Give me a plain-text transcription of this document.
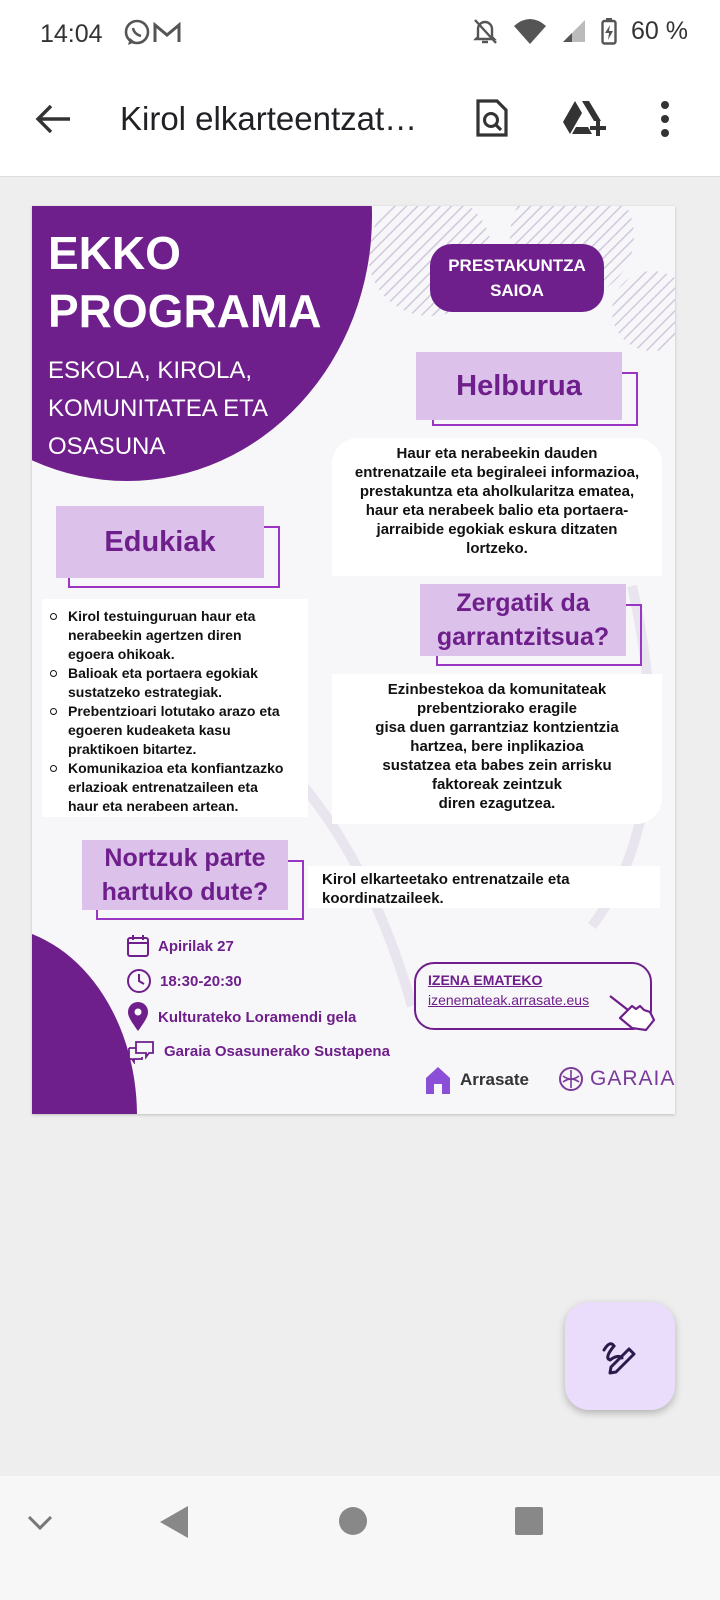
14:04	60 %
Kirol elkarteentzat…
EKKO
PROGRAMA
ESKOLA, KIROLA,
KOMUNITATEA ETA
OSASUNA
PRESTAKUNTZA
SAIOA
Helburua
Haur eta nerabeekin dauden
entrenatzaile eta begiraleei informazioa,
prestakuntza eta aholkularitza ematea,
haur eta nerabeek balio eta portaera-
jarraibide egokiak eskura ditzaten
lortzeko.
Edukiak
Kirol testuinguruan haur eta
nerabeekin agertzen diren
egoera ohikoak.
Balioak eta portaera egokiak
sustatzeko estrategiak.
Prebentzioari lotutako arazo eta
egoeren kudeaketa kasu
praktikoen bitartez.
Komunikazioa eta konfiantzazko
erlazioak entrenatzaileen eta
haur eta nerabeen artean.
Zergatik da
garrantzitsua?
Ezinbestekoa da komunitateak
prebentziorako eragile
gisa duen garrantziaz kontzientzia
hartzea, bere inplikazioa
sustatzea eta babes zein arrisku
faktoreak zeintzuk
diren ezagutzea.
Nortzuk parte
hartuko dute?	Kirol elkarteetako entrenatzaile eta
koordinatzaileek.
Apirilak 27
18:30-20:30
Kulturateko Loramendi gela
Garaia Osasunerako Sustapena
IZENA EMATEKO
izenemateak.arrasate.eus
Arrasate	GARAIA
